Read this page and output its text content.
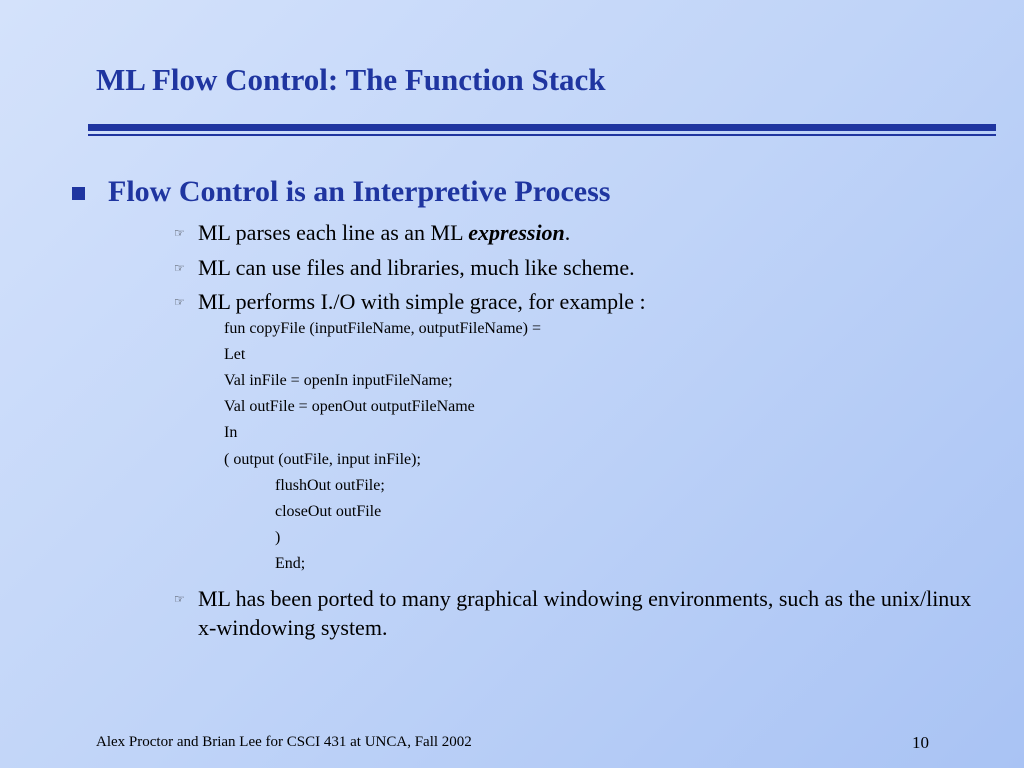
ML Flow Control: The Function Stack
Flow Control is an Interpretive Process
☞ ML parses each line as an ML expression.
☞ ML can use files and libraries, much like scheme.
☞ ML performs I./O with simple grace, for example :
fun copyFile (inputFileName, outputFileName) =
Let
Val inFile = openIn inputFileName;
Val outFile = openOut outputFileName
In
( output (outFile, input inFile);
flushOut outFile;
closeOut outFile
)
End;
☞ ML has been ported to many graphical windowing environments, such as the unix/linux x-windowing system.
Alex Proctor and Brian Lee for CSCI 431 at UNCA, Fall 2002	10
